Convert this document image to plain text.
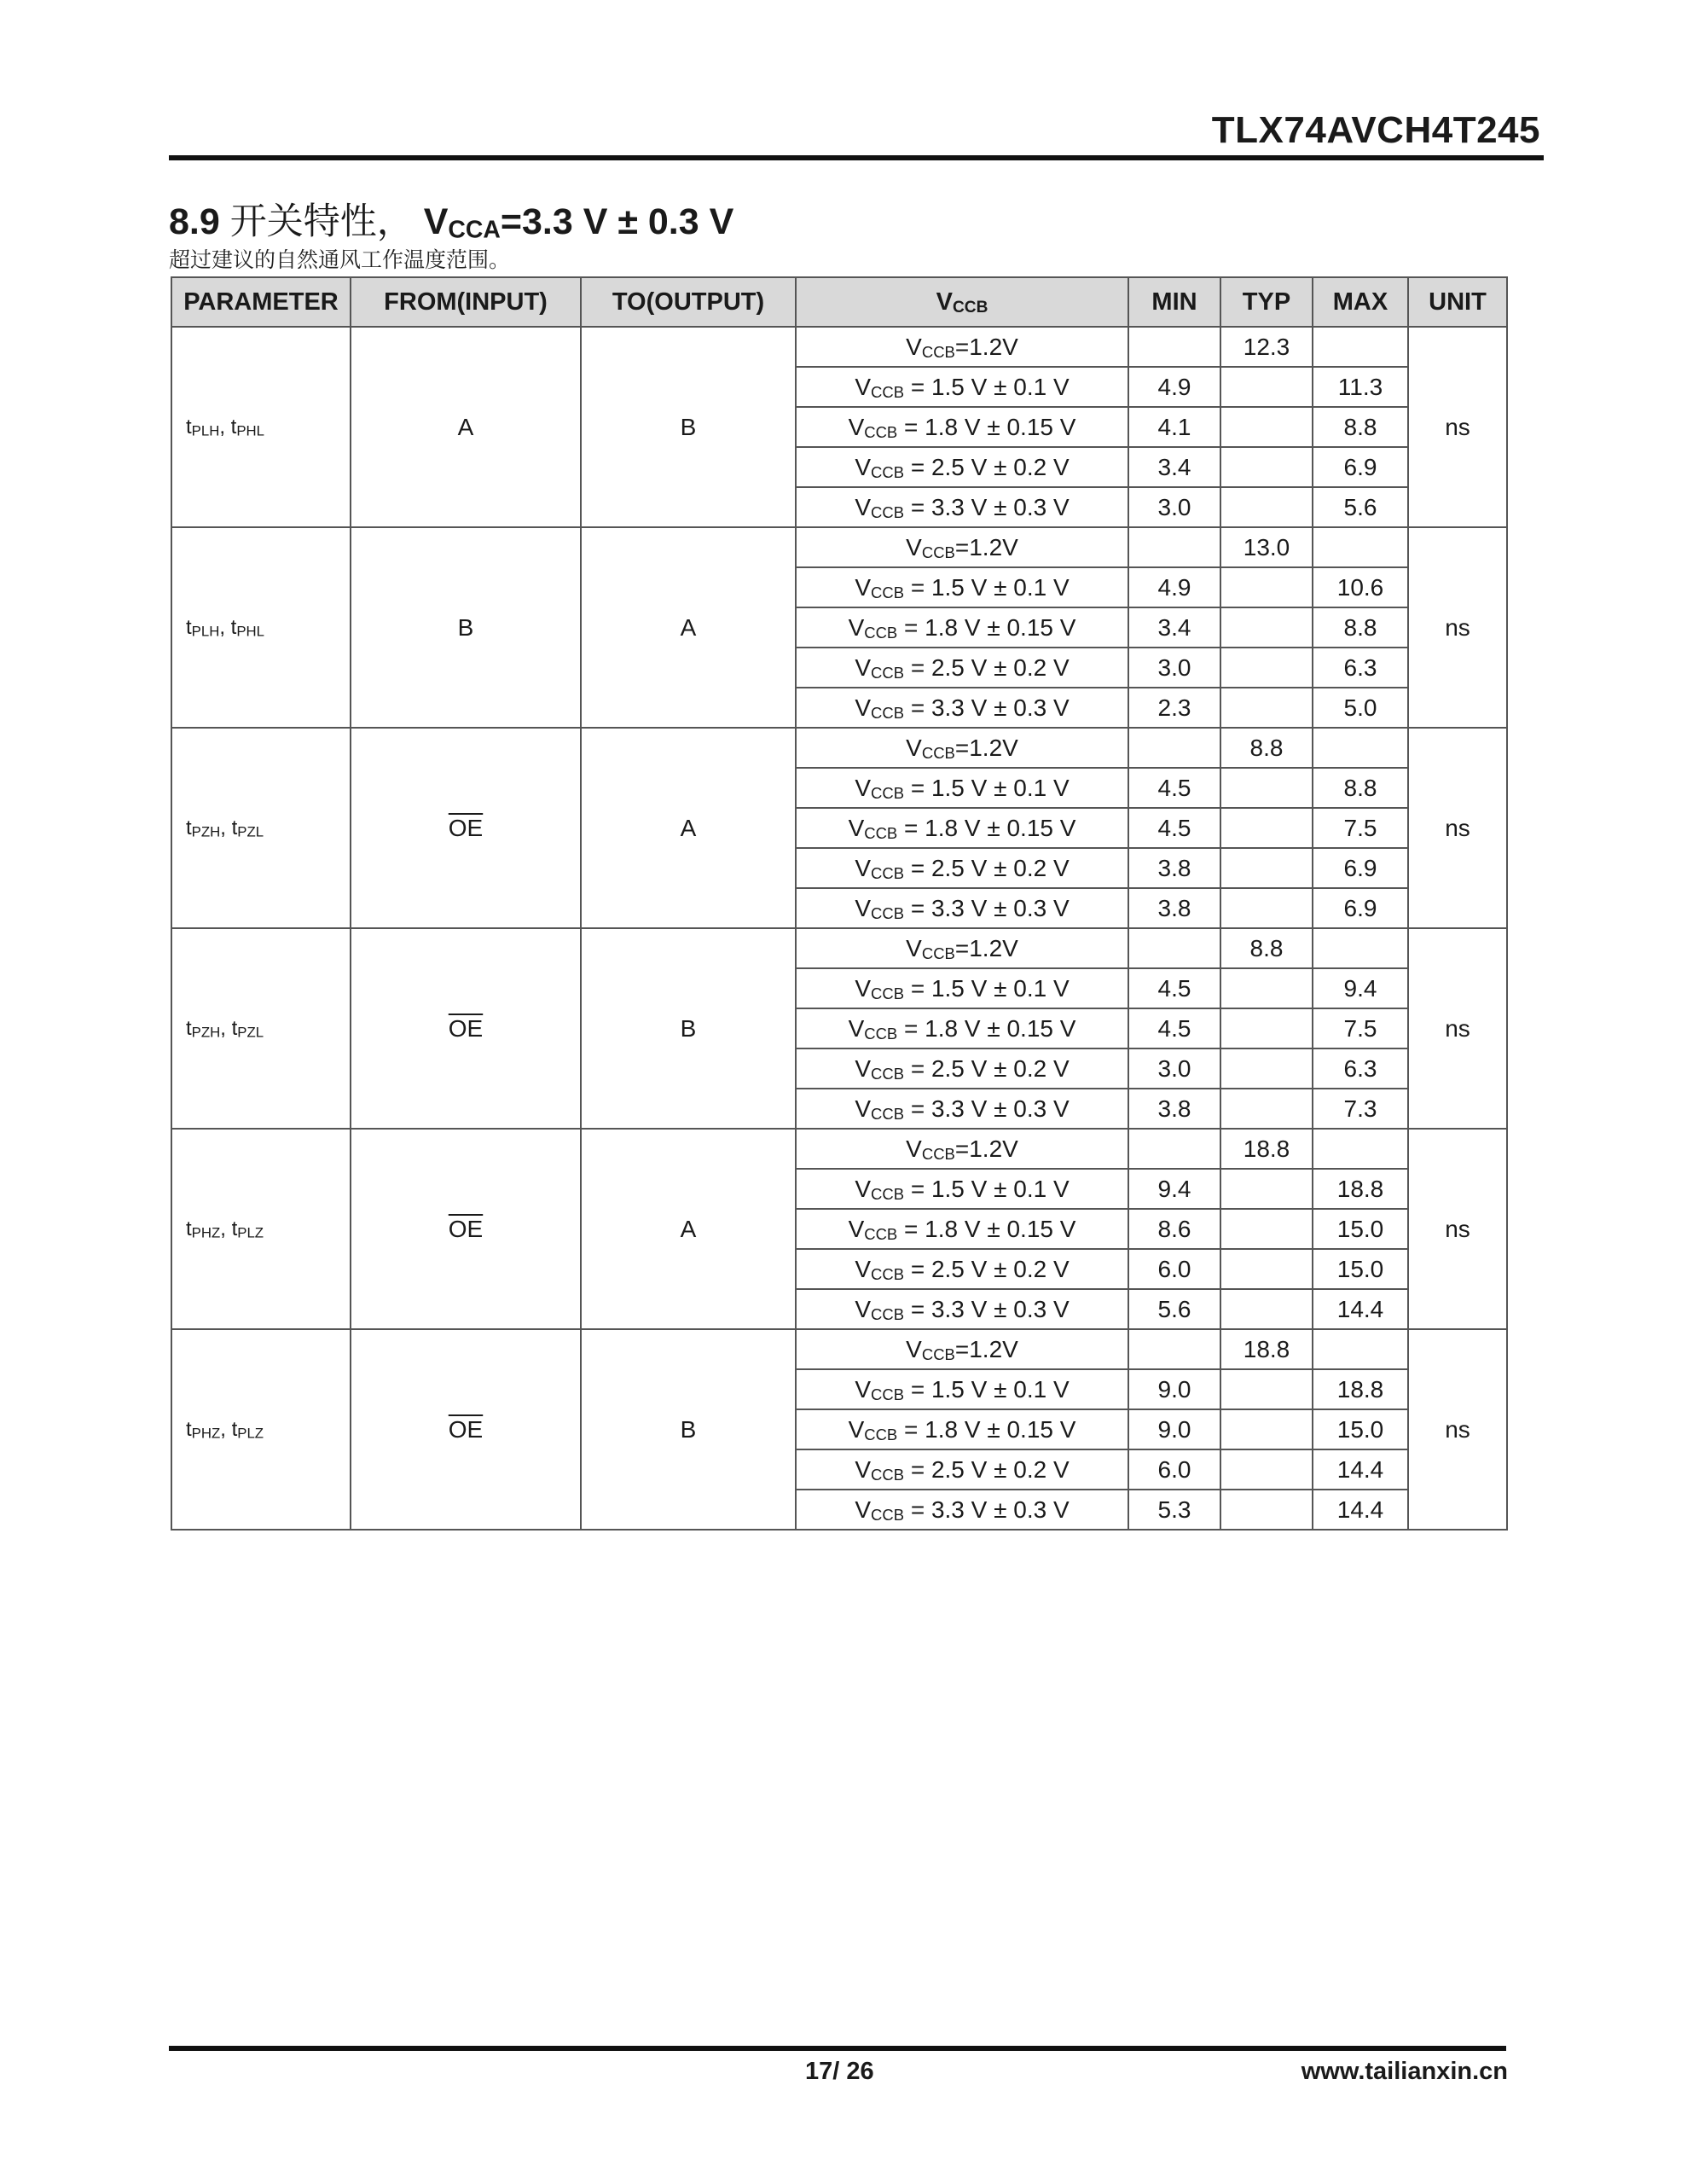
TLX74AVCH4T245
8.9 开关特性， $V_{CCA}=3.3$ V ± 0.3 V
超过建议的自然通风工作温度范围。
PARAMETER	FROM(INPUT)	TO(OUTPUT)	$V_{CCB}$	MIN	TYP	MAX	UNIT
$t_{PLH}$, $t_{PHL}$	A	B	$V_{CCB}=1.2V$		12.3		ns
			$V_{CCB} = 1.5$ V ± 0.1 V	4.9		11.3	
			$V_{CCB} = 1.8$ V ± 0.15 V	4.1		8.8	
			$V_{CCB} = 2.5$ V ± 0.2 V	3.4		6.9	
			$V_{CCB} = 3.3$ V ± 0.3 V	3.0		5.6	
$t_{PLH}$, $t_{PHL}$	B	A	$V_{CCB}=1.2V$		13.0		ns
			$V_{CCB} = 1.5$ V ± 0.1 V	4.9		10.6	
			$V_{CCB} = 1.8$ V ± 0.15 V	3.4		8.8	
			$V_{CCB} = 2.5$ V ± 0.2 V	3.0		6.3	
			$V_{CCB} = 3.3$ V ± 0.3 V	2.3		5.0	
$t_{PZH}$, $t_{PZL}$	$\overline{OE}$	A	$V_{CCB}=1.2V$		8.8		ns
			$V_{CCB} = 1.5$ V ± 0.1 V	4.5		8.8	
			$V_{CCB} = 1.8$ V ± 0.15 V	4.5		7.5	
			$V_{CCB} = 2.5$ V ± 0.2 V	3.8		6.9	
			$V_{CCB} = 3.3$ V ± 0.3 V	3.8		6.9	
$t_{PZH}$, $t_{PZL}$	$\overline{OE}$	B	$V_{CCB}=1.2V$		8.8		ns
			$V_{CCB} = 1.5$ V ± 0.1 V	4.5		9.4	
			$V_{CCB} = 1.8$ V ± 0.15 V	4.5		7.5	
			$V_{CCB} = 2.5$ V ± 0.2 V	3.0		6.3	
			$V_{CCB} = 3.3$ V ± 0.3 V	3.8		7.3	
$t_{PHZ}$, $t_{PLZ}$	$\overline{OE}$	A	$V_{CCB}=1.2V$		18.8		ns
			$V_{CCB} = 1.5$ V ± 0.1 V	9.4		18.8	
			$V_{CCB} = 1.8$ V ± 0.15 V	8.6		15.0	
			$V_{CCB} = 2.5$ V ± 0.2 V	6.0		15.0	
			$V_{CCB} = 3.3$ V ± 0.3 V	5.6		14.4	
$t_{PHZ}$, $t_{PLZ}$	$\overline{OE}$	B	$V_{CCB}=1.2V$		18.8		ns
			$V_{CCB} = 1.5$ V ± 0.1 V	9.0		18.8	
			$V_{CCB} = 1.8$ V ± 0.15 V	9.0		15.0	
			$V_{CCB} = 2.5$ V ± 0.2 V	6.0		14.4	
			$V_{CCB} = 3.3$ V ± 0.3 V	5.3		14.4	
17/ 26	www.tailianxin.cn
